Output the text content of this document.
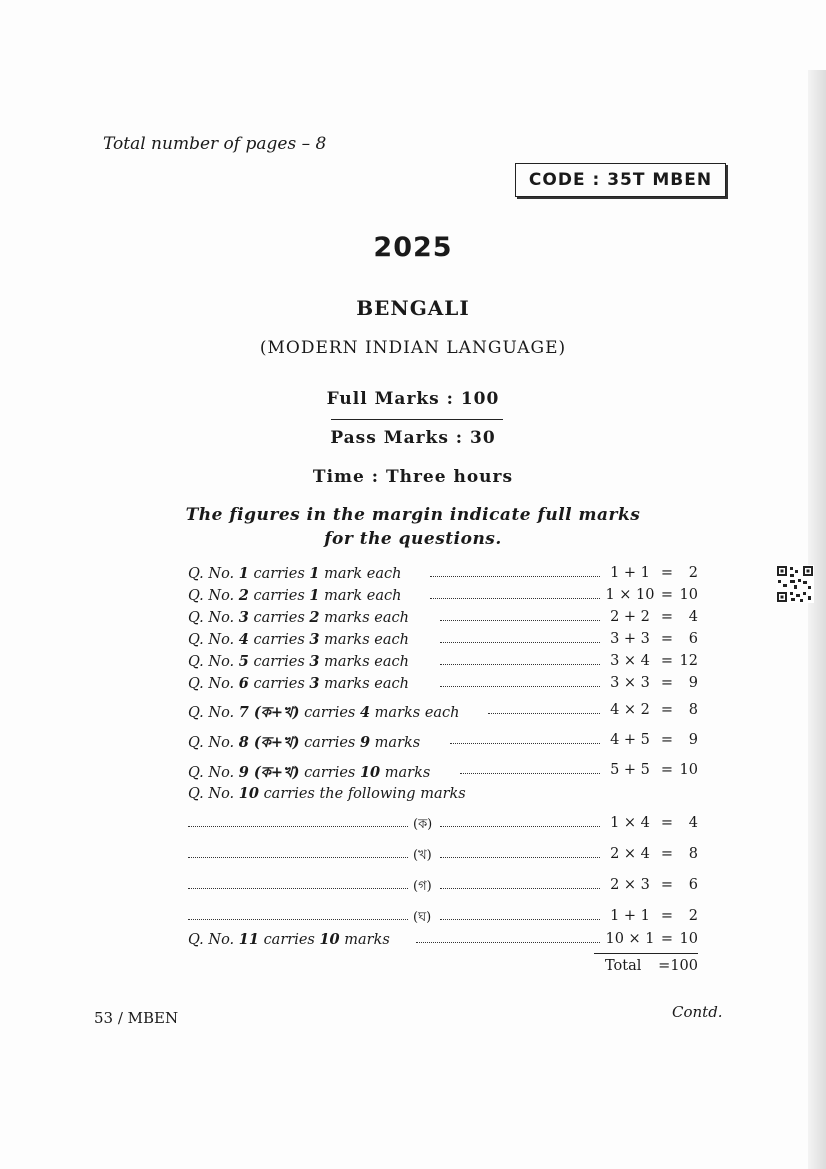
Total number of pages – 8
CODE : 35T MBEN
2025
BENGALI
(MODERN INDIAN LANGUAGE)
Full Marks : 100
Pass Marks : 30
Time : Three hours
The figures in the margin indicate full marks
for the questions.
Q. No. 1 carries 1 mark each	1 + 1 =	2
Q. No. 2 carries 1 mark each	1 × 10 = 10
Q. No. 3 carries 2 marks each	2 + 2 =	4
Q. No. 4 carries 3 marks each	3 + 3 =	6
Q. No. 5 carries 3 marks each	3 × 4 = 12
Q. No. 6 carries 3 marks each	3 × 3 =	9
Q. No. 7 (ক+খ) carries 4 marks each	4 × 2 =	8
Q. No. 8 (ক+খ) carries 9 marks	4 + 5 =	9
Q. No. 9 (ক+খ) carries 10 marks	5 + 5 = 10
Q. No. 10 carries the following marks
(ক)	1 × 4 =	4
(খ)	2 × 4 =	8
(গ)	2 × 3 =	6
(ঘ)	1 + 1 =	2
Q. No. 11 carries 10 marks	10 × 1 = 10
Total =100
53 / MBEN	Contd.
